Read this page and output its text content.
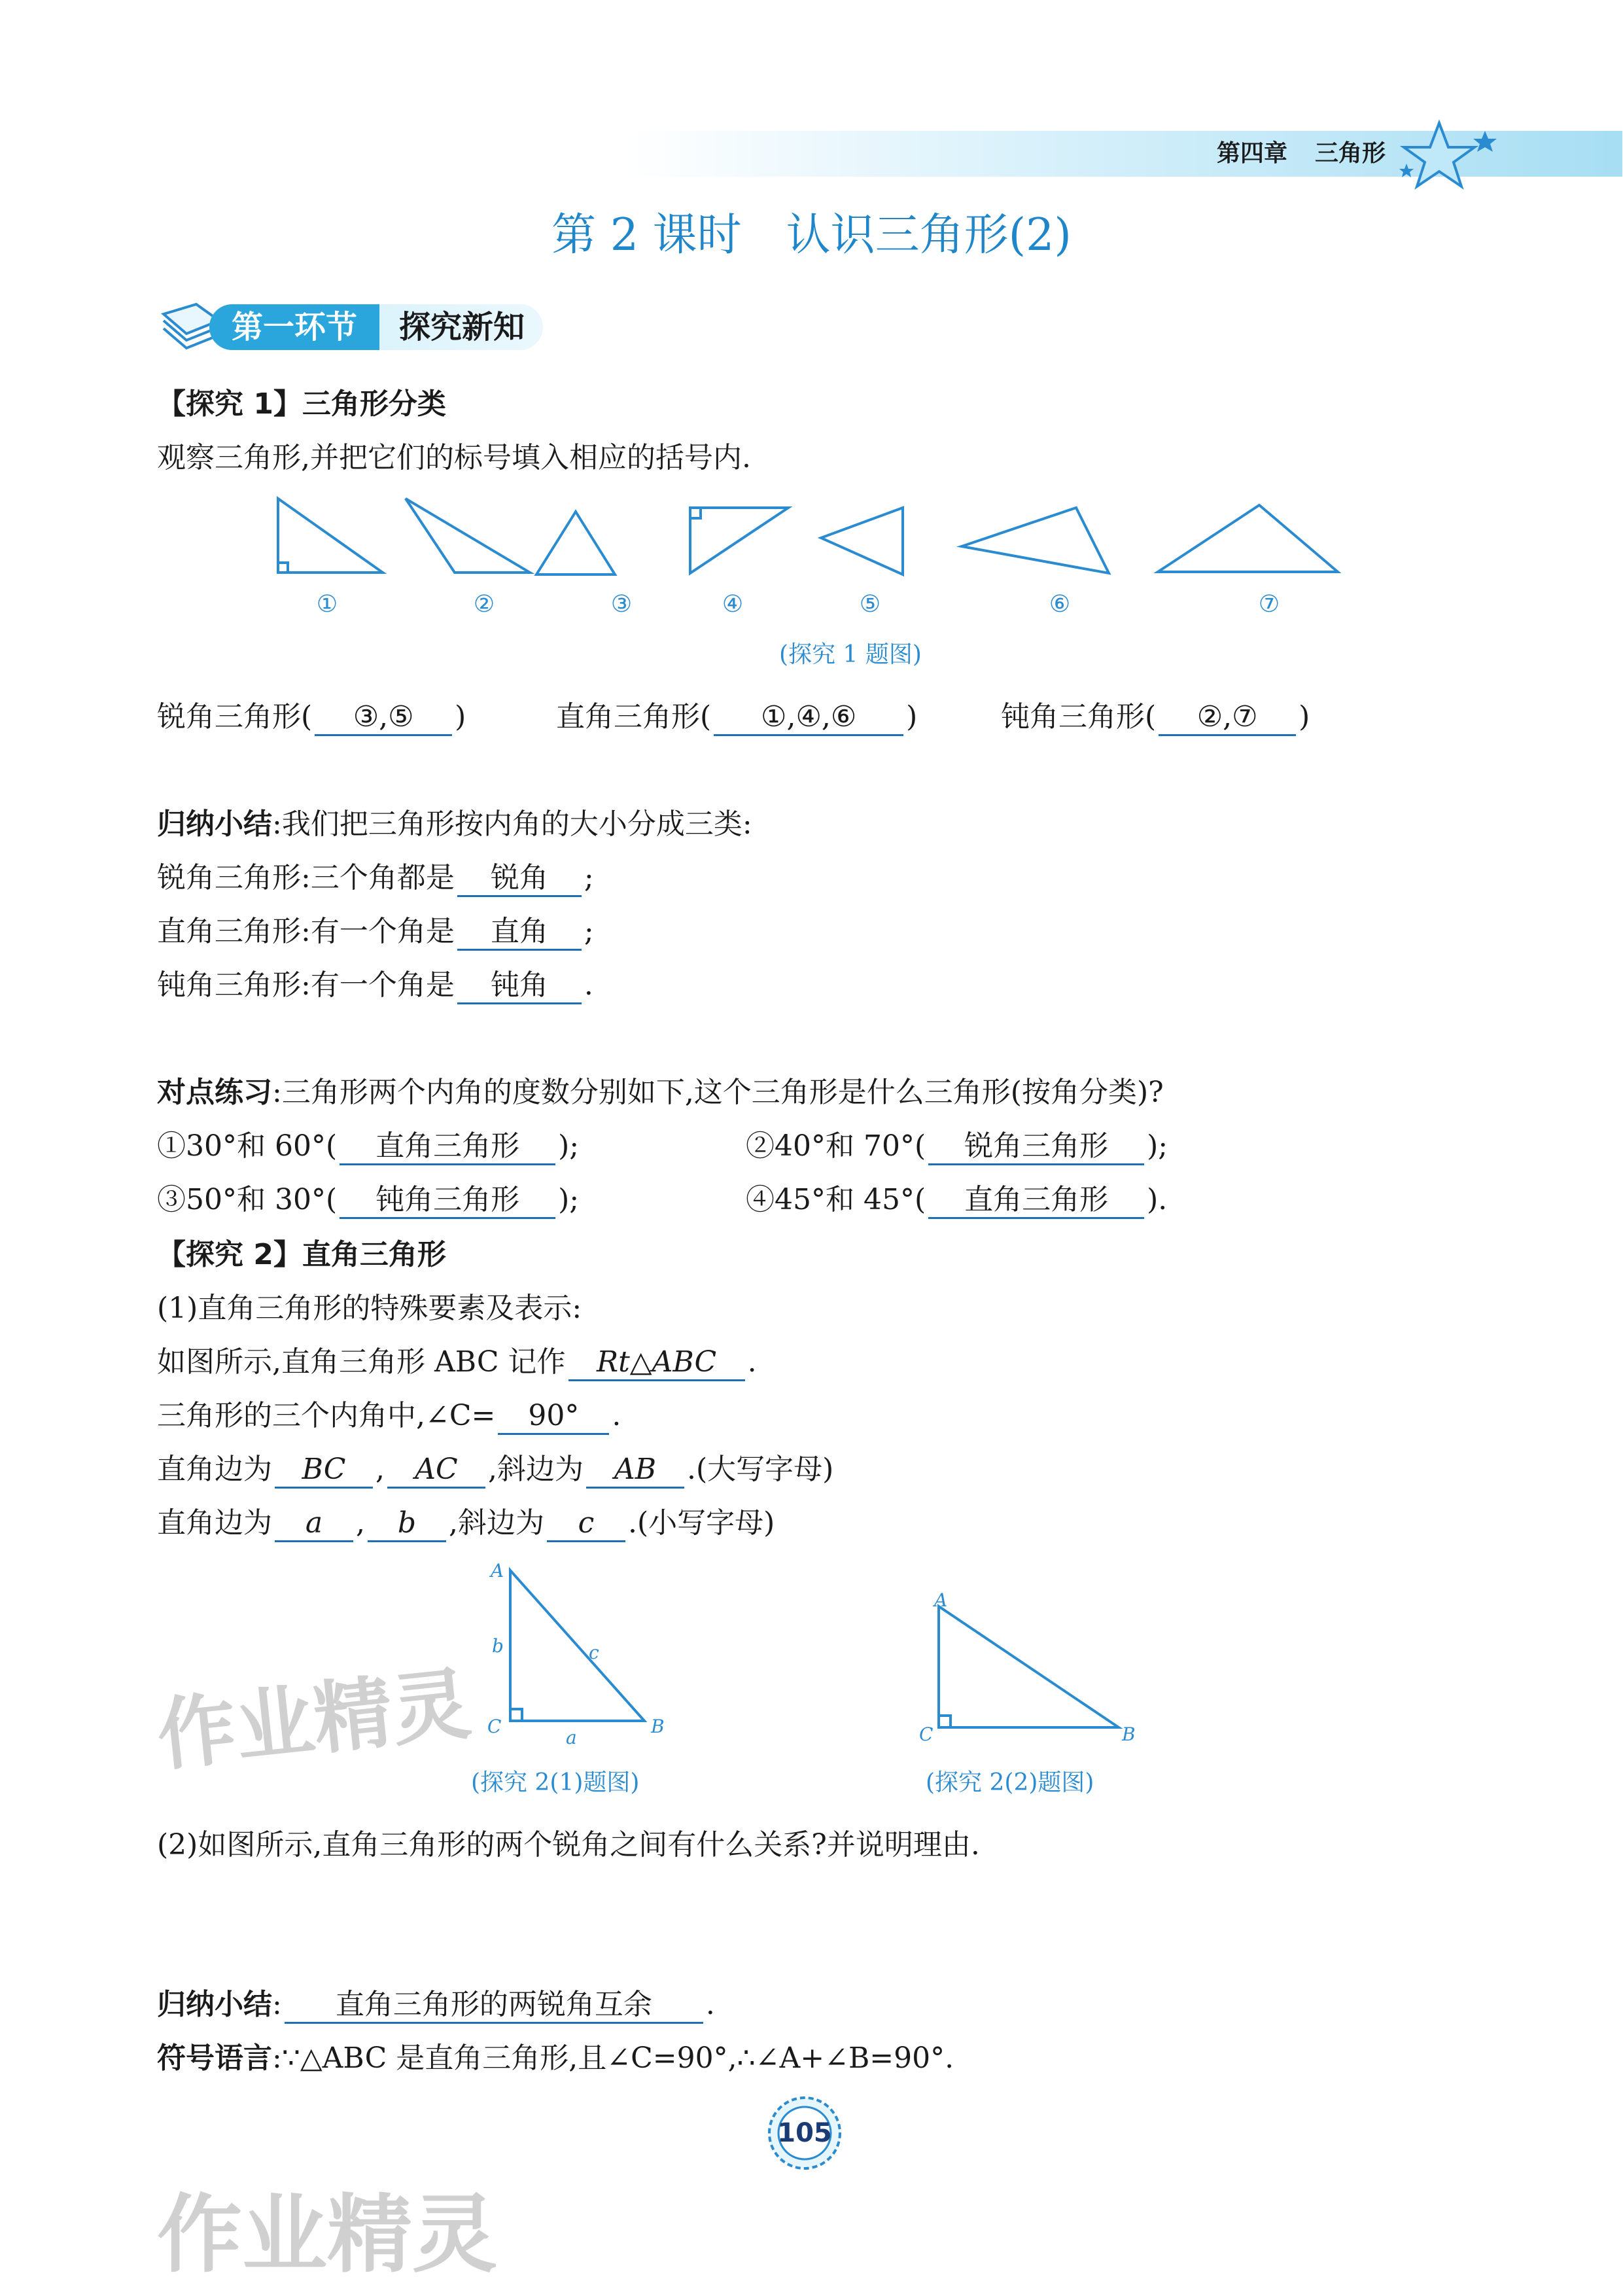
第四章 三角形
第 2 课时　认识三角形(2)
第一环节	探究新知
【探究 1】三角形分类
观察三角形,并把它们的标号填入相应的括号内.
①	②	③	④	⑤	⑥	⑦
(探究 1 题图)
锐角三角形( ③,⑤ )	直角三角形( ①,④,⑥ )	钝角三角形( ②,⑦ )
归纳小结:我们把三角形按内角的大小分成三类:
锐角三角形:三个角都是 锐角 ;
直角三角形:有一个角是 直角 ;
钝角三角形:有一个角是 钝角 .
对点练习:三角形两个内角的度数分别如下,这个三角形是什么三角形(按角分类)?
①30°和 60°( 直角三角形 );	②40°和 70°( 锐角三角形 );
③50°和 30°( 钝角三角形 );	④45°和 45°( 直角三角形 ).
【探究 2】直角三角形
(1)直角三角形的特殊要素及表示:
如图所示,直角三角形 ABC 记作 Rt△ABC .
三角形的三个内角中,∠C= 90° .
直角边为 BC , AC ,斜边为 AB .(大写字母)
直角边为 a , b ,斜边为 c .(小写字母)
A
C	B
b	c
a
(探究 2(1)题图)
A
C	B
(探究 2(2)题图)
(2)如图所示,直角三角形的两个锐角之间有什么关系?并说明理由.
归纳小结: 直角三角形的两锐角互余 .
符号语言:∵△ABC 是直角三角形,且∠C=90°,∴∠A+∠B=90°.
105
作业精灵
作业精灵
